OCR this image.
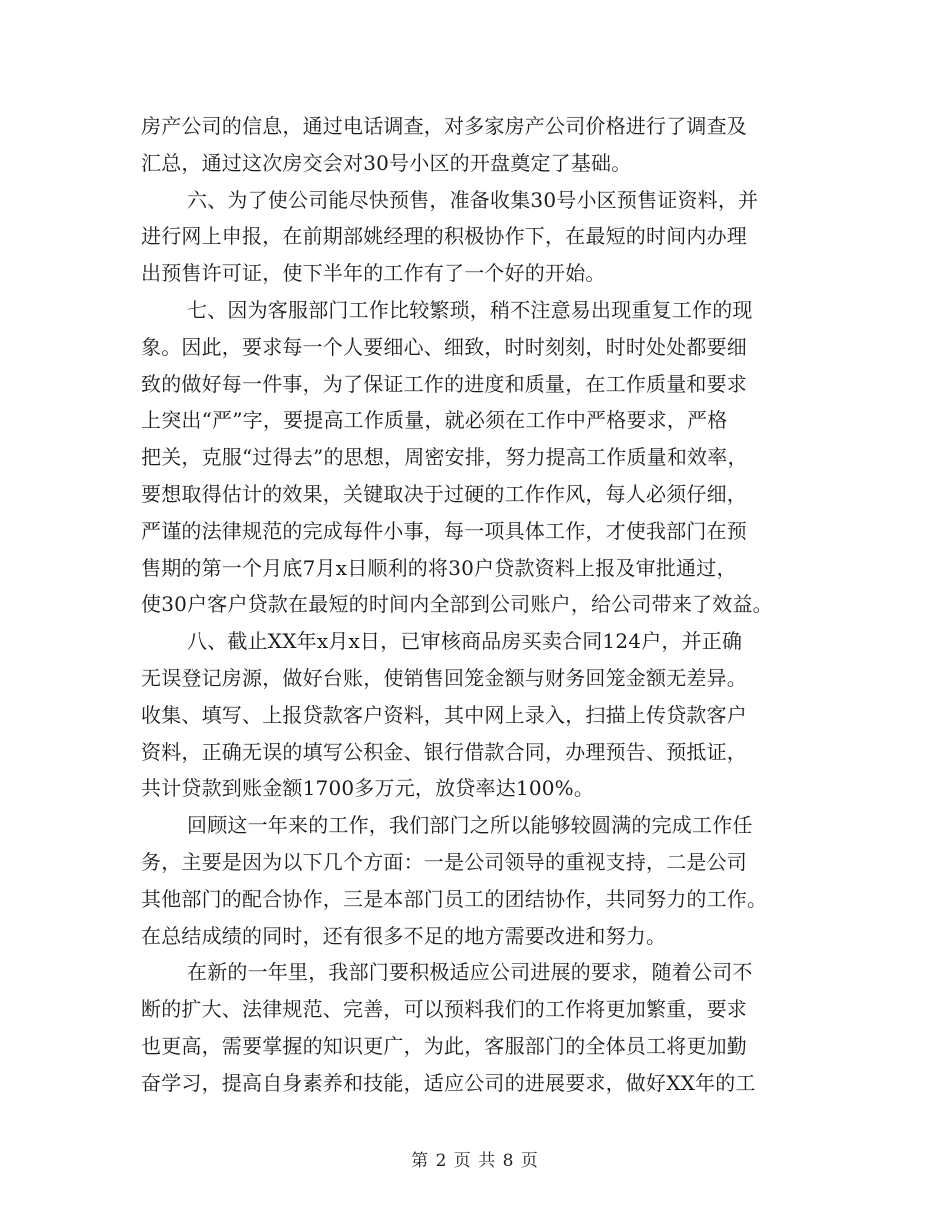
房产公司的信息，通过电话调查，对多家房产公司价格进行了调查及
汇总，通过这次房交会对30号小区的开盘奠定了基础。
六、为了使公司能尽快预售，准备收集30号小区预售证资料，并
进行网上申报，在前期部姚经理的积极协作下，在最短的时间内办理
出预售许可证，使下半年的工作有了一个好的开始。
七、因为客服部门工作比较繁琐，稍不注意易出现重复工作的现
象。因此，要求每一个人要细心、细致，时时刻刻，时时处处都要细
致的做好每一件事，为了保证工作的进度和质量，在工作质量和要求
上突出“严”字，要提高工作质量，就必须在工作中严格要求，严格
把关，克服“过得去”的思想，周密安排，努力提高工作质量和效率，
要想取得估计的效果，关键取决于过硬的工作作风，每人必须仔细，
严谨的法律规范的完成每件小事，每一项具体工作，才使我部门在预
售期的第一个月底7月x日顺利的将30户贷款资料上报及审批通过，
使30户客户贷款在最短的时间内全部到公司账户，给公司带来了效益。
八、截止XX年x月x日，已审核商品房买卖合同124户，并正确
无误登记房源，做好台账，使销售回笼金额与财务回笼金额无差异。
收集、填写、上报贷款客户资料，其中网上录入，扫描上传贷款客户
资料，正确无误的填写公积金、银行借款合同，办理预告、预抵证，
共计贷款到账金额1700多万元，放贷率达100%。
回顾这一年来的工作，我们部门之所以能够较圆满的完成工作任
务，主要是因为以下几个方面：一是公司领导的重视支持，二是公司
其他部门的配合协作，三是本部门员工的团结协作，共同努力的工作。
在总结成绩的同时，还有很多不足的地方需要改进和努力。
在新的一年里，我部门要积极适应公司进展的要求，随着公司不
断的扩大、法律规范、完善，可以预料我们的工作将更加繁重，要求
也更高，需要掌握的知识更广，为此，客服部门的全体员工将更加勤
奋学习，提高自身素养和技能，适应公司的进展要求，做好XX年的工
第 2 页 共 8 页
